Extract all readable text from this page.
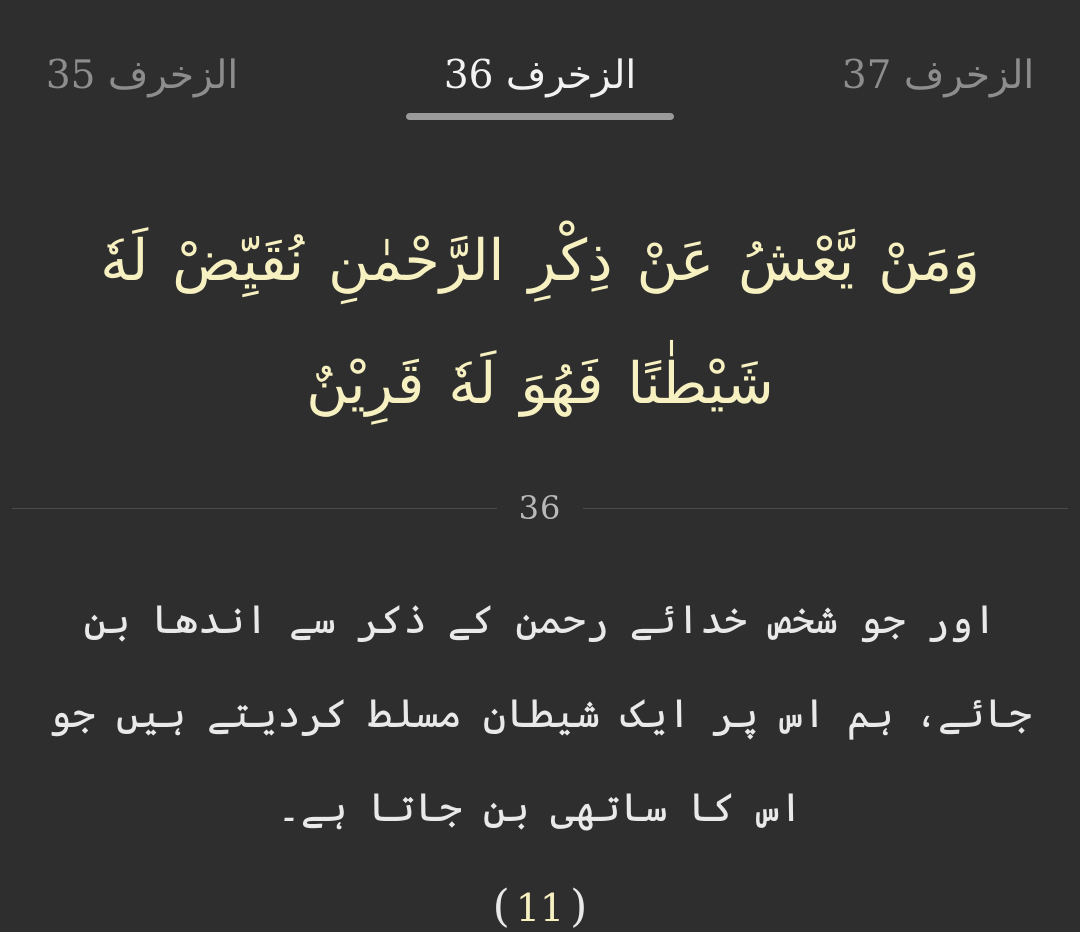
الزخرف 37
الزخرف 36
الزخرف 35
وَمَنْ یَّعْشُ عَنْ ذِكْرِ الرَّحْمٰنِ نُقَیِّضْ لَهٗ شَیْطٰنًا فَهُوَ لَهٗ قَرِیْنٌ
36
اور جو شخص خدائے رحمن کے ذکر سے اندھا بن جائے، ہم اس پر ایک شیطان مسلط کردیتے ہیں جو اس کا ساتھی بن جاتا ہے۔
(11)
